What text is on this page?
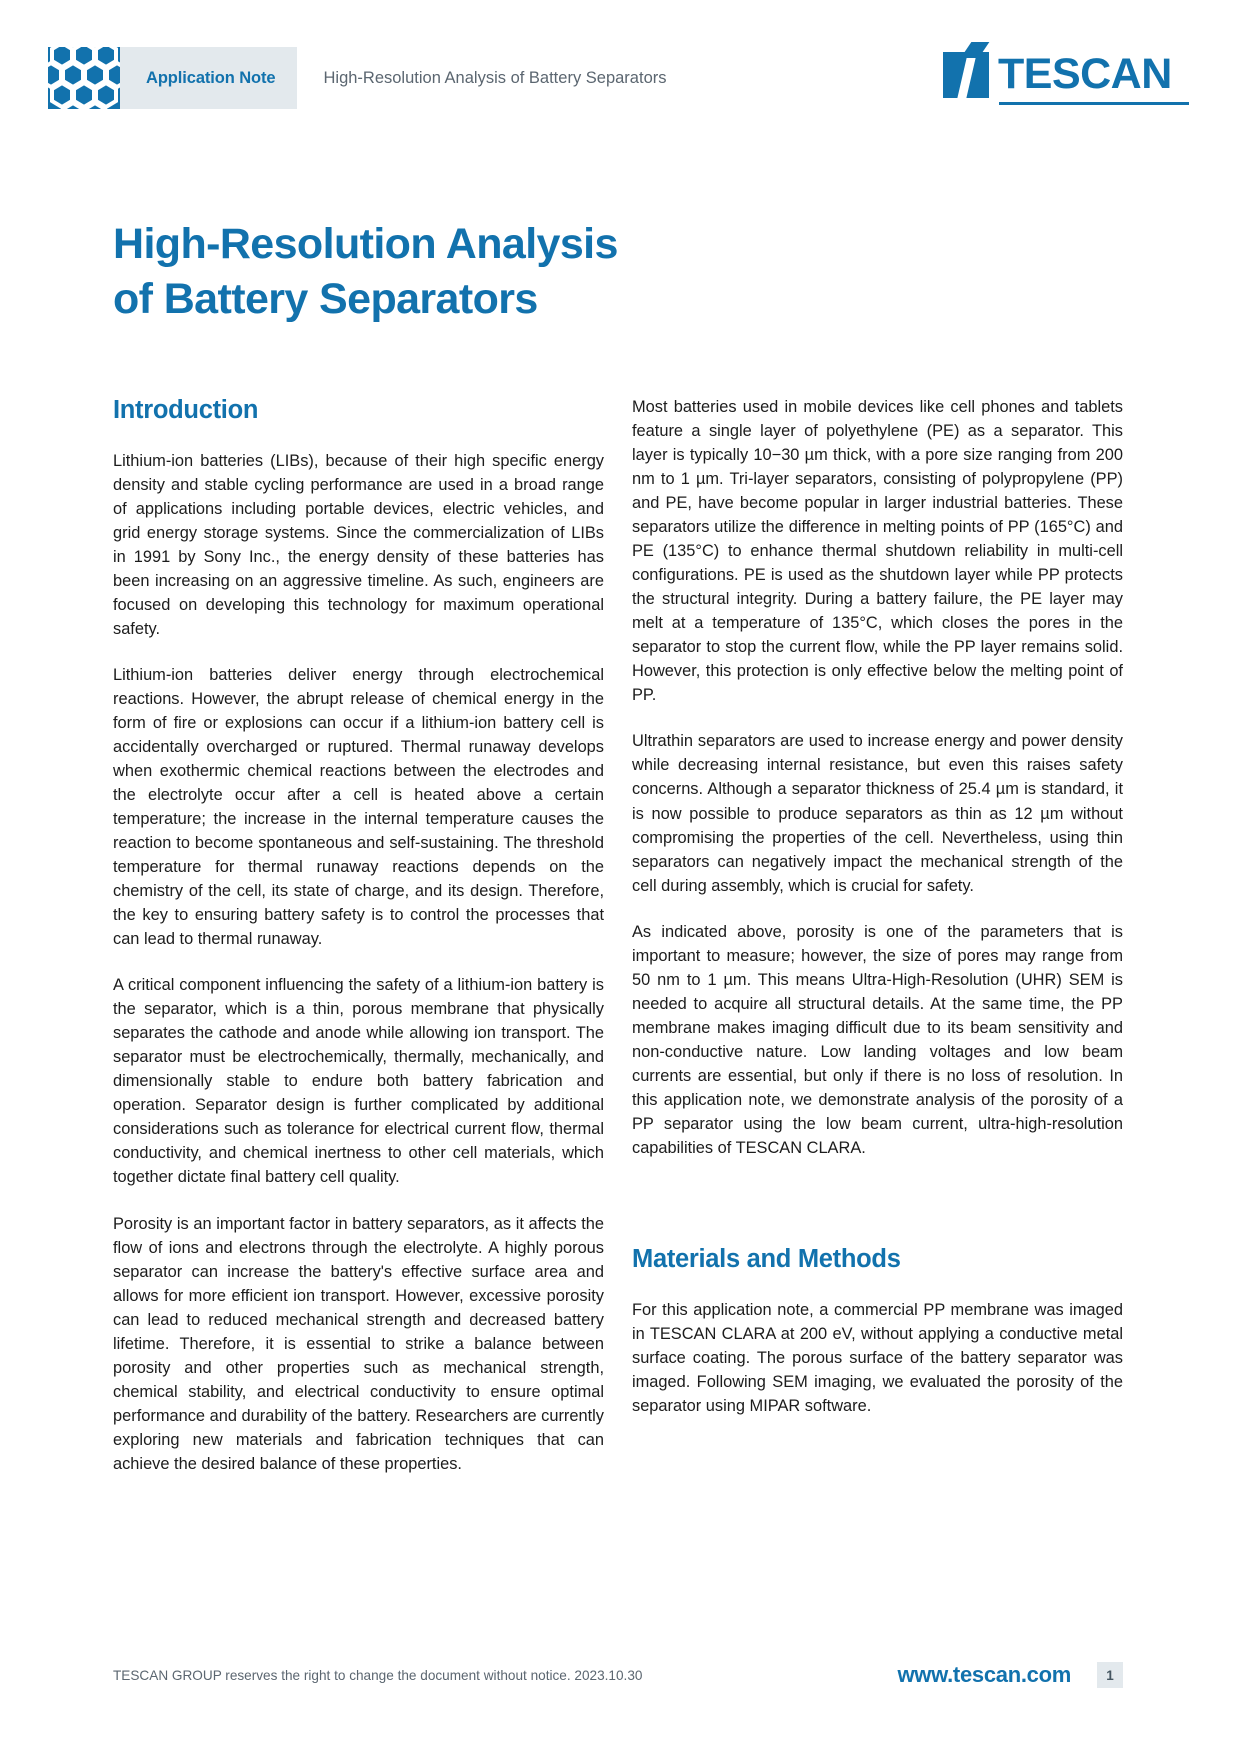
Application Note	High-Resolution Analysis of Battery Separators	TESCAN
High-Resolution Analysis
of Battery Separators
Introduction

Lithium-ion batteries (LIBs), because of their high specific energy density and stable cycling performance are used in a broad range of applications including portable devices, electric vehicles, and grid energy storage systems. Since the commercialization of LIBs in 1991 by Sony Inc., the energy density of these batteries has been increasing on an aggressive timeline. As such, engineers are focused on developing this technology for maximum operational safety.

Lithium-ion batteries deliver energy through electrochemical reactions. However, the abrupt release of chemical energy in the form of fire or explosions can occur if a lithium-ion battery cell is accidentally overcharged or ruptured. Thermal runaway develops when exothermic chemical reactions between the electrodes and the electrolyte occur after a cell is heated above a certain temperature; the increase in the internal temperature causes the reaction to become spontaneous and self-sustaining. The threshold temperature for thermal runaway reactions depends on the chemistry of the cell, its state of charge, and its design. Therefore, the key to ensuring battery safety is to control the processes that can lead to thermal runaway.

A critical component influencing the safety of a lithium-ion battery is the separator, which is a thin, porous membrane that physically separates the cathode and anode while allowing ion transport. The separator must be electrochemically, thermally, mechanically, and dimensionally stable to endure both battery fabrication and operation. Separator design is further complicated by additional considerations such as tolerance for electrical current flow, thermal conductivity, and chemical inertness to other cell materials, which together dictate final battery cell quality.

Porosity is an important factor in battery separators, as it affects the flow of ions and electrons through the electrolyte. A highly porous separator can increase the battery's effective surface area and allows for more efficient ion transport. However, excessive porosity can lead to reduced mechanical strength and decreased battery lifetime. Therefore, it is essential to strike a balance between porosity and other properties such as mechanical strength, chemical stability, and electrical conductivity to ensure optimal performance and durability of the battery. Researchers are currently exploring new materials and fabrication techniques that can achieve the desired balance of these properties.

Most batteries used in mobile devices like cell phones and tablets feature a single layer of polyethylene (PE) as a separator. This layer is typically 10−30 µm thick, with a pore size ranging from 200 nm to 1 µm. Tri-layer separators, consisting of polypropylene (PP) and PE, have become popular in larger industrial batteries. These separators utilize the difference in melting points of PP (165°C) and PE (135°C) to enhance thermal shutdown reliability in multi-cell configurations. PE is used as the shutdown layer while PP protects the structural integrity. During a battery failure, the PE layer may melt at a temperature of 135°C, which closes the pores in the separator to stop the current flow, while the PP layer remains solid. However, this protection is only effective below the melting point of PP.

Ultrathin separators are used to increase energy and power density while decreasing internal resistance, but even this raises safety concerns. Although a separator thickness of 25.4 µm is standard, it is now possible to produce separators as thin as 12 µm without compromising the properties of the cell. Nevertheless, using thin separators can negatively impact the mechanical strength of the cell during assembly, which is crucial for safety.

As indicated above, porosity is one of the parameters that is important to measure; however, the size of pores may range from 50 nm to 1 µm. This means Ultra-High-Resolution (UHR) SEM is needed to acquire all structural details. At the same time, the PP membrane makes imaging difficult due to its beam sensitivity and non-conductive nature. Low landing voltages and low beam currents are essential, but only if there is no loss of resolution. In this application note, we demonstrate analysis of the porosity of a PP separator using the low beam current, ultra-high-resolution capabilities of TESCAN CLARA.

Materials and Methods

For this application note, a commercial PP membrane was imaged in TESCAN CLARA at 200 eV, without applying a conductive metal surface coating. The porous surface of the battery separator was imaged. Following SEM imaging, we evaluated the porosity of the separator using MIPAR software.

TESCAN GROUP reserves the right to change the document without notice. 2023.10.30	www.tescan.com	1
